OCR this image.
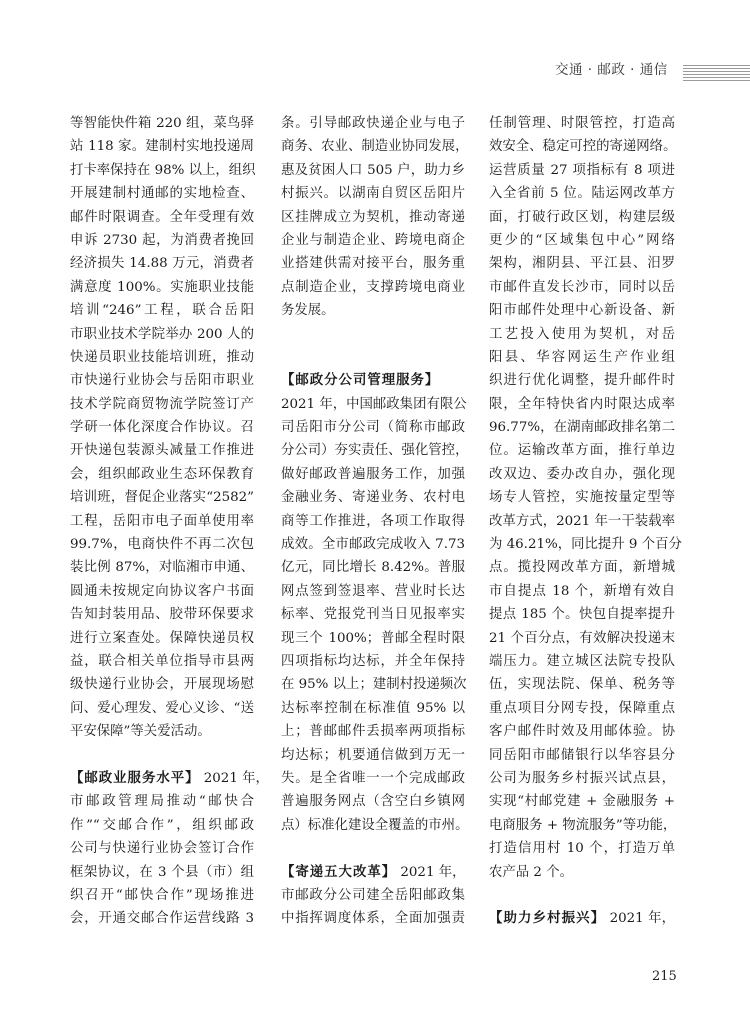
交通 · 邮政 · 通信
等智能快件箱 220 组，菜鸟驿
站 118 家。建制村实地投递周
打卡率保持在 98% 以上，组织
开展建制村通邮的实地检查、
邮件时限调查。全年受理有效
申诉 2730 起，为消费者挽回
经济损失 14.88 万元，消费者
满意度 100%。实施职业技能
培训“246”工程，联合岳阳
市职业技术学院举办 200 人的
快递员职业技能培训班，推动
市快递行业协会与岳阳市职业
技术学院商贸物流学院签订产
学研一体化深度合作协议。召
开快递包装源头减量工作推进
会，组织邮政业生态环保教育
培训班，督促企业落实“2582”
工程，岳阳市电子面单使用率
99.7%，电商快件不再二次包
装比例 87%，对临湘市申通、
圆通未按规定向协议客户书面
告知封装用品、胶带环保要求
进行立案查处。保障快递员权
益，联合相关单位指导市县两
级快递行业协会，开展现场慰
问、爱心理发、爱心义诊、“送
平安保障”等关爱活动。
【邮政业服务水平】 2021 年，
市邮政管理局推动“邮快合
作”“交邮合作”，组织邮政
公司与快递行业协会签订合作
框架协议，在 3 个县（市）组
织召开“邮快合作”现场推进
会，开通交邮合作运营线路 3
条。引导邮政快递企业与电子
商务、农业、制造业协同发展，
惠及贫困人口 505 户，助力乡
村振兴。以湖南自贸区岳阳片
区挂牌成立为契机，推动寄递
企业与制造企业、跨境电商企
业搭建供需对接平台，服务重
点制造企业，支撑跨境电商业
务发展。
【邮政分公司管理服务】
2021 年，中国邮政集团有限公
司岳阳市分公司（简称市邮政
分公司）夯实责任、强化管控，
做好邮政普遍服务工作，加强
金融业务、寄递业务、农村电
商等工作推进，各项工作取得
成效。全市邮政完成收入 7.73
亿元，同比增长 8.42%。普服
网点签到签退率、营业时长达
标率、党报党刊当日见报率实
现三个 100%；普邮全程时限
四项指标均达标，并全年保持
在 95% 以上；建制村投递频次
达标率控制在标准值 95% 以
上；普邮邮件丢损率两项指标
均达标；机要通信做到万无一
失。是全省唯一一个完成邮政
普遍服务网点（含空白乡镇网
点）标准化建设全覆盖的市州。
【寄递五大改革】 2021 年，
市邮政分公司建全岳阳邮政集
中指挥调度体系，全面加强责
任制管理、时限管控，打造高
效安全、稳定可控的寄递网络。
运营质量 27 项指标有 8 项进
入全省前 5 位。陆运网改革方
面，打破行政区划，构建层级
更少的“区域集包中心”网络
架构，湘阴县、平江县、汨罗
市邮件直发长沙市，同时以岳
阳市邮件处理中心新设备、新
工艺投入使用为契机，对岳
阳县、华容网运生产作业组
织进行优化调整，提升邮件时
限，全年特快省内时限达成率
96.77%，在湖南邮政排名第二
位。运输改革方面，推行单边
改双边、委办改自办，强化现
场专人管控，实施按量定型等
改革方式，2021 年一干装载率
为 46.21%，同比提升 9 个百分
点。揽投网改革方面，新增城
市自提点 18 个，新增有效自
提点 185 个。快包自提率提升
21 个百分点，有效解决投递末
端压力。建立城区法院专投队
伍，实现法院、保单、税务等
重点项目分网专投，保障重点
客户邮件时效及用邮体验。协
同岳阳市邮储银行以华容县分
公司为服务乡村振兴试点县，
实现“村邮党建 + 金融服务 +
电商服务 + 物流服务”等功能，
打造信用村 10 个，打造万单
农产品 2 个。
【助力乡村振兴】 2021 年，
215
